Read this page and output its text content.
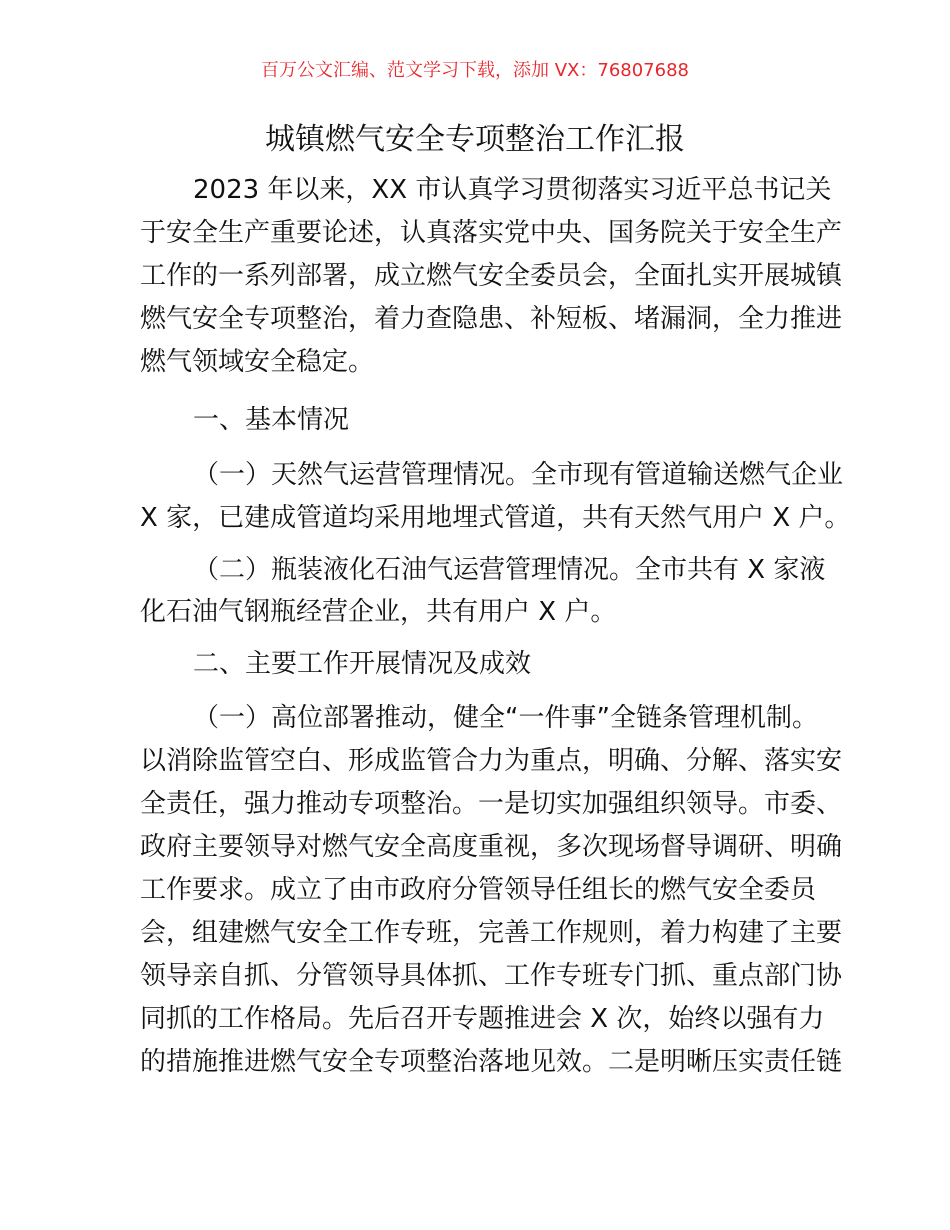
百万公文汇编、范文学习下载，添加 VX：76807688
城镇燃气安全专项整治工作汇报
2023 年以来，XX 市认真学习贯彻落实习近平总书记关
于安全生产重要论述，认真落实党中央、国务院关于安全生产
工作的一系列部署，成立燃气安全委员会，全面扎实开展城镇
燃气安全专项整治，着力查隐患、补短板、堵漏洞，全力推进
燃气领域安全稳定。
一、基本情况
（一）天然气运营管理情况。全市现有管道输送燃气企业
X 家，已建成管道均采用地埋式管道，共有天然气用户 X 户。
（二）瓶装液化石油气运营管理情况。全市共有 X 家液
化石油气钢瓶经营企业，共有用户 X 户。
二、主要工作开展情况及成效
（一）高位部署推动，健全“一件事”全链条管理机制。
以消除监管空白、形成监管合力为重点，明确、分解、落实安
全责任，强力推动专项整治。一是切实加强组织领导。市委、
政府主要领导对燃气安全高度重视，多次现场督导调研、明确
工作要求。成立了由市政府分管领导任组长的燃气安全委员
会，组建燃气安全工作专班，完善工作规则，着力构建了主要
领导亲自抓、分管领导具体抓、工作专班专门抓、重点部门协
同抓的工作格局。先后召开专题推进会 X 次，始终以强有力
的措施推进燃气安全专项整治落地见效。二是明晰压实责任链
